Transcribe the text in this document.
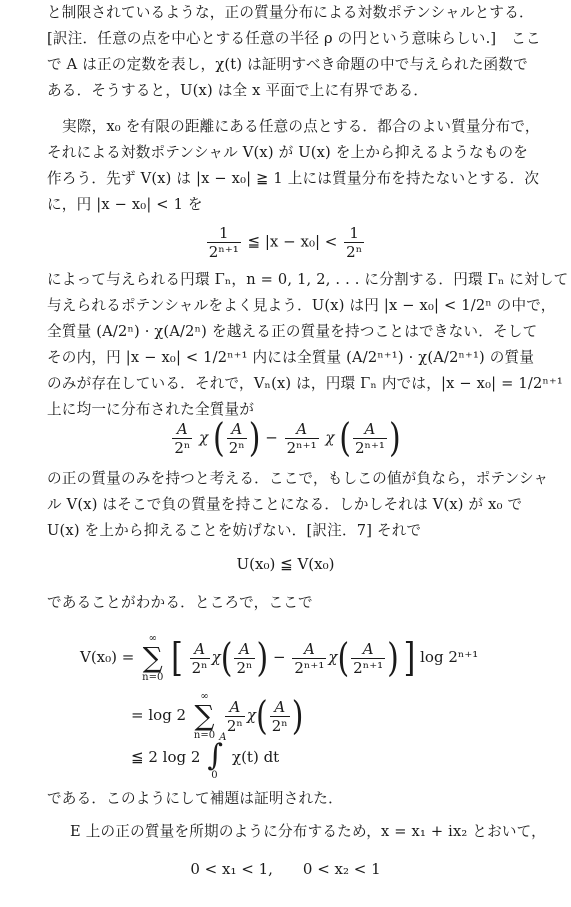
と制限されているような，正の質量分布による対数ポテンシャルとする．
[訳注．任意の点を中心とする任意の半径 ρ の円という意味らしい.]　ここ
で A は正の定数を表し，χ(t) は証明すべき命題の中で与えられた函数で
ある．そうすると，U(x) は全 x 平面で上に有界である．
実際，x₀ を有限の距離にある任意の点とする．都合のよい質量分布で，
それによる対数ポテンシャル V(x) が U(x) を上から抑えるようなものを
作ろう．先ず V(x) は |x − x₀| ≧ 1 上には質量分布を持たないとする．次
に，円 |x − x₀| < 1 を
$\frac{1}{\text{2ⁿ⁺¹}}$ ≦ $|x - x_0| < \frac{1}{\text{2ⁿ}}$
によって与えられる円環 Γₙ，n = 0, 1, 2, . . . に分割する．円環 Γₙ に対して
与えられるポテンシャルをよく見よう．U(x) は円 |x − x₀| < 1/2ⁿ の中で，
全質量 (A/2ⁿ) · χ(A/2ⁿ) を越える正の質量を持つことはできない．そして
その内，円 |x − x₀| < 1/2ⁿ⁺¹ 内には全質量 (A/2ⁿ⁺¹) · χ(A/2ⁿ⁺¹) の質量
のみが存在している．それで，Vₙ(x) は，円環 Γₙ 内では，|x − x₀| = 1/2ⁿ⁺¹
上に均一に分布された全質量が
$\frac{A}{\text{2ⁿ}}$ χ ( $\frac{A}{\text{2ⁿ}}$ ) − $\frac{A}{\text{2ⁿ⁺¹}}$ χ ( $\frac{A}{\text{2ⁿ⁺¹}}$ )
の正の質量のみを持つと考える．ここで，もしこの値が負なら，ポテンシャ
ル V(x) はそこで負の質量を持ことになる．しかしそれは V(x) が x₀ で
U(x) を上から抑えることを妨げない．[訳注．7] それで
U(x₀) ≦ V(x₀)
であることがわかる．ところで，ここで
V(x₀) =
∞
∑
n=0 [ $\frac{A}{\text{2ⁿ}} \chi( \frac{A}{\text{2ⁿ}}$ ) − $\frac{A}{\text{2ⁿ⁺¹}} \chi( \frac{A}{\text{2ⁿ⁺¹}}$ ) ] log 2ⁿ⁺¹
= log 2
∞
∑
n=0

$\frac{A}{\text{2ⁿ}} \chi( \frac{A}{\text{2ⁿ}}$ )
≦ 2 log 2 ∫
A
0
χ(t) dt
である．このようにして補題は証明された．
E 上の正の質量を所期のように分布するため，x = x₁ + ix₂ とおいて，
0 < x₁ < 1,　　0 < x₂ < 1
